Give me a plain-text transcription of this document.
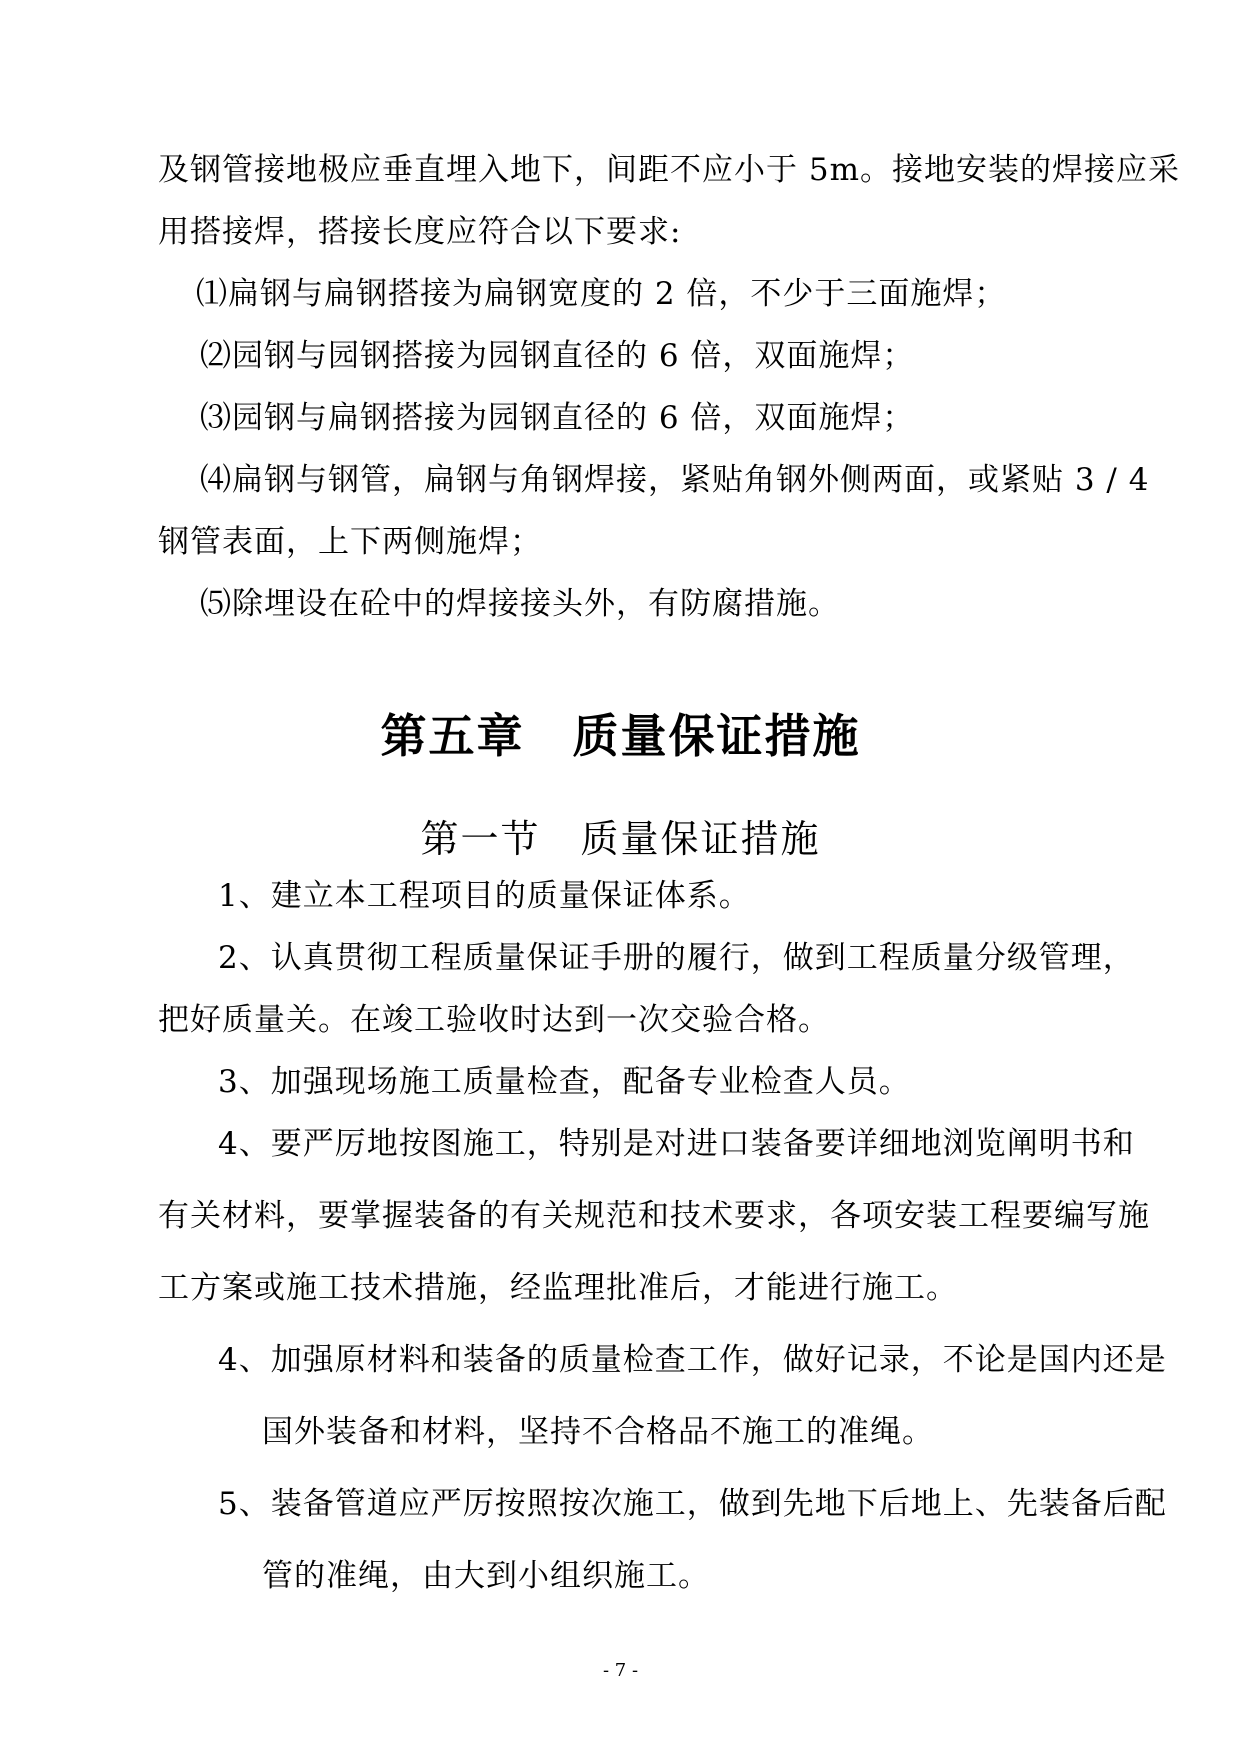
及钢管接地极应垂直埋入地下，间距不应小于 5m。接地安装的焊接应采
用搭接焊，搭接长度应符合以下要求:
⑴扁钢与扁钢搭接为扁钢宽度的 2 倍，不少于三面施焊；
⑵园钢与园钢搭接为园钢直径的 6 倍，双面施焊；
⑶园钢与扁钢搭接为园钢直径的 6 倍，双面施焊；
⑷扁钢与钢管，扁钢与角钢焊接，紧贴角钢外侧两面，或紧贴 3 / 4
钢管表面，上下两侧施焊；
⑸除埋设在砼中的焊接接头外，有防腐措施。
第五章　质量保证措施
第一节　质量保证措施
1、建立本工程项目的质量保证体系。
2、认真贯彻工程质量保证手册的履行，做到工程质量分级管理，
把好质量关。在竣工验收时达到一次交验合格。
3、加强现场施工质量检查，配备专业检查人员。
4、要严厉地按图施工，特别是对进口装备要详细地浏览阐明书和
有关材料，要掌握装备的有关规范和技术要求，各项安装工程要编写施
工方案或施工技术措施，经监理批准后，才能进行施工。
4、加强原材料和装备的质量检查工作，做好记录，不论是国内还是
国外装备和材料，坚持不合格品不施工的准绳。
5、装备管道应严厉按照按次施工，做到先地下后地上、先装备后配
管的准绳，由大到小组织施工。
- 7 -
